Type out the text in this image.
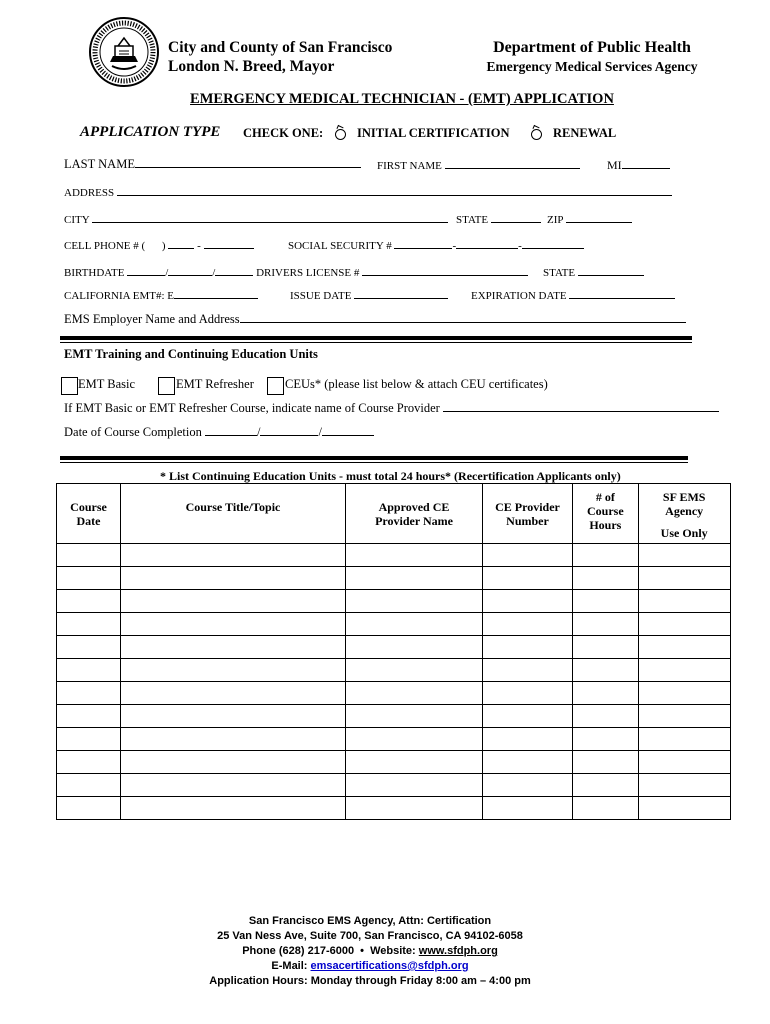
City and County of San Francisco
London N. Breed, Mayor
Department of Public Health
Emergency Medical Services Agency
EMERGENCY MEDICAL TECHNICIAN - (EMT) APPLICATION
APPLICATION TYPE CHECK ONE:	INITIAL CERTIFICATION	RENEWAL
LAST NAME	FIRST NAME	MI
ADDRESS
CITY	STATE	ZIP
CELL PHONE # ( )	-	SOCIAL SECURITY #	-	-
BIRTHDATE	/	/	DRIVERS LICENSE #	STATE
CALIFORNIA EMT#: E	ISSUE DATE	EXPIRATION DATE
EMS Employer Name and Address
EMT Training and Continuing Education Units
EMT Basic	EMT Refresher CEUs* (please list below & attach CEU certificates)
If EMT Basic or EMT Refresher Course, indicate name of Course Provider
Date of Course Completion	/	/
* List Continuing Education Units - must total 24 hours* (Recertification Applicants only)
Course Date	Course Title/Topic	Approved CE Provider Name	CE Provider Number	# of Course Hours	SF EMS Agency
Use Only

San Francisco EMS Agency, Attn: Certification
25 Van Ness Ave, Suite 700, San Francisco, CA 94102-6058
Phone (628) 217-6000 • Website: www.sfdph.org
E-Mail: emsacertifications@sfdph.org
Application Hours: Monday through Friday 8:00 am – 4:00 pm
